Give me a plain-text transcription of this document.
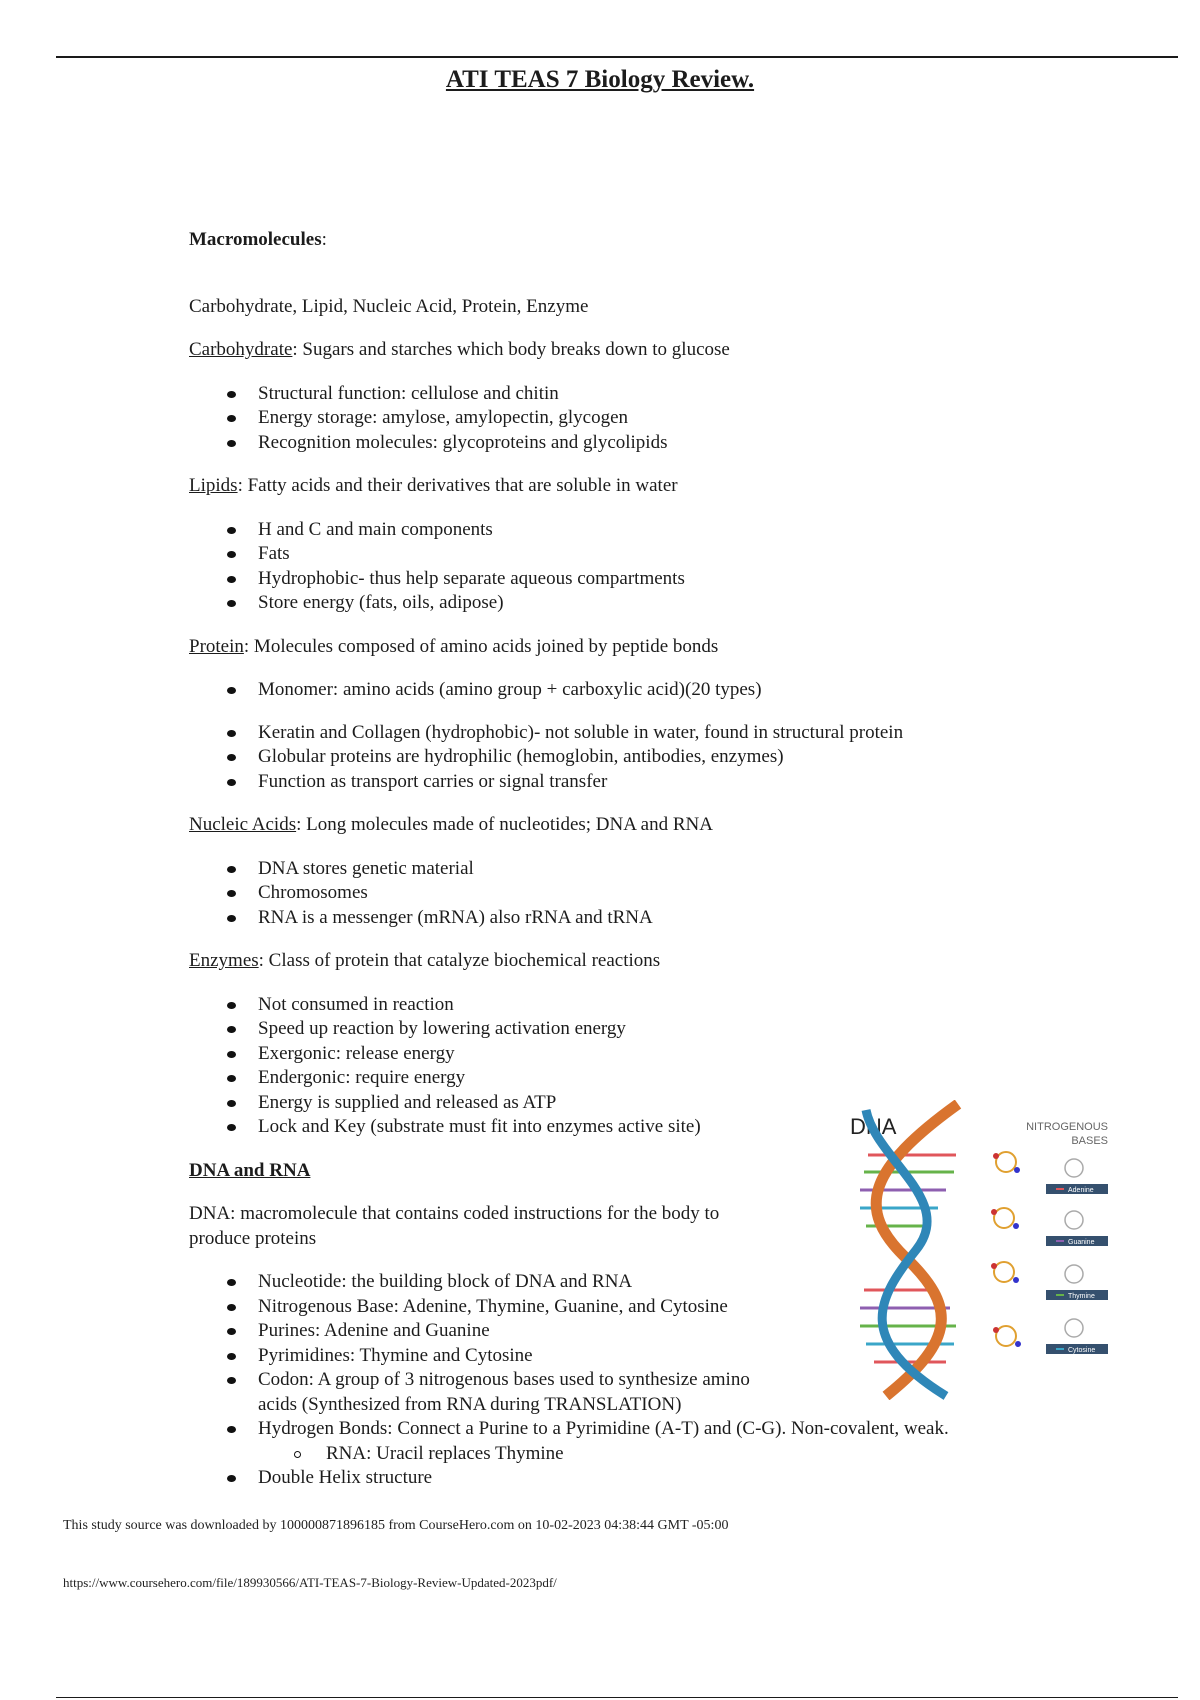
ATI TEAS 7 Biology Review.

Macromolecules:

Carbohydrate, Lipid, Nucleic Acid, Protein, Enzyme

Carbohydrate: Sugars and starches which body breaks down to glucose

Structural function: cellulose and chitin
Energy storage: amylose, amylopectin, glycogen
Recognition molecules: glycoproteins and glycolipids

Lipids: Fatty acids and their derivatives that are soluble in water

H and C and main components
Fats
Hydrophobic- thus help separate aqueous compartments
Store energy (fats, oils, adipose)

Protein: Molecules composed of amino acids joined by peptide bonds

Monomer: amino acids (amino group + carboxylic acid)(20 types)
Keratin and Collagen (hydrophobic)- not soluble in water, found in structural protein
Globular proteins are hydrophilic (hemoglobin, antibodies, enzymes)
Function as transport carries or signal transfer

Nucleic Acids: Long molecules made of nucleotides; DNA and RNA

DNA stores genetic material
Chromosomes
RNA is a messenger (mRNA) also rRNA and tRNA

Enzymes: Class of protein that catalyze biochemical reactions

Not consumed in reaction
Speed up reaction by lowering activation energy
Exergonic: release energy
Endergonic: require energy
Energy is supplied and released as ATP
Lock and Key (substrate must fit into enzymes active site)

DNA and RNA

DNA: macromolecule that contains coded instructions for the body to

produce proteins

Nucleotide: the building block of DNA and RNA
Nitrogenous Base: Adenine, Thymine, Guanine, and Cytosine
Purines: Adenine and Guanine
Pyrimidines: Thymine and Cytosine
Codon: A group of 3 nitrogenous bases used to synthesize amino
acids (Synthesized from RNA during TRANSLATION)
Hydrogen Bonds: Connect a Purine to a Pyrimidine (A-T) and (C-G). Non-covalent, weak.
RNA: Uracil replaces Thymine
Double Helix structure
DNA	NITROGENOUS
BASES
Adenine
Guanine
Thymine
Cytosine
This study source was downloaded by 100000871896185 from CourseHero.com on 10-02-2023 04:38:44 GMT -05:00
https://www.coursehero.com/file/189930566/ATI-TEAS-7-Biology-Review-Updated-2023pdf/
